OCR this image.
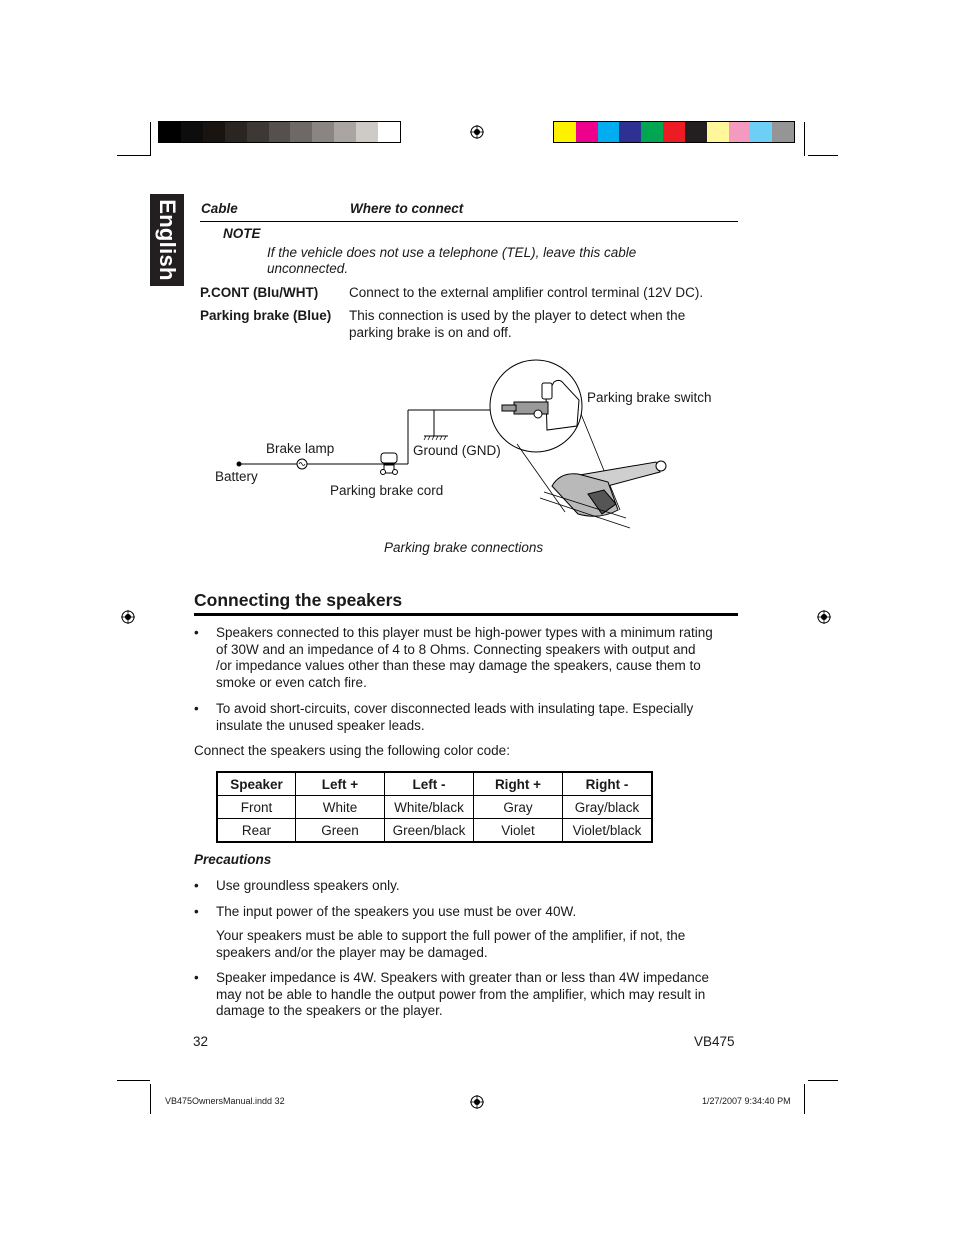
English Cable	Where to connect
NOTE
If the vehicle does not use a telephone (TEL), leave this cable
unconnected.
P.CONT (Blu/WHT) Connect to the external amplifier control terminal (12V DC).
Parking brake (Blue) This connection is used by the player to detect when the
parking brake is on and off.
Parking brake switch
Brake lamp	Ground (GND)
Battery
Parking brake cord
Parking brake connections
Connecting the speakers
• Speakers connected to this player must be high-power types with a minimum rating
of 30W and an impedance of 4 to 8 Ohms. Connecting speakers with output and
/or impedance values other than these may damage the speakers, cause them to
smoke or even catch fire.
• To avoid short-circuits, cover disconnected leads with insulating tape. Especially
insulate the unused speaker leads.
Connect the speakers using the following color code:
Speaker	Left +	Left -	Right +	Right -
Front	White	White/black	Gray	Gray/black
Rear	Green	Green/black	Violet	Violet/black
Precautions
• Use groundless speakers only.
• The input power of the speakers you use must be over 40W.
Your speakers must be able to support the full power of the amplifier, if not, the
speakers and/or the player may be damaged.
• Speaker impedance is 4W. Speakers with greater than or less than 4W impedance
may not be able to handle the output power from the amplifier, which may result in
damage to the speakers or the player.
32	VB475
VB475OwnersManual.indd 32	1/27/2007 9:34:40 PM
